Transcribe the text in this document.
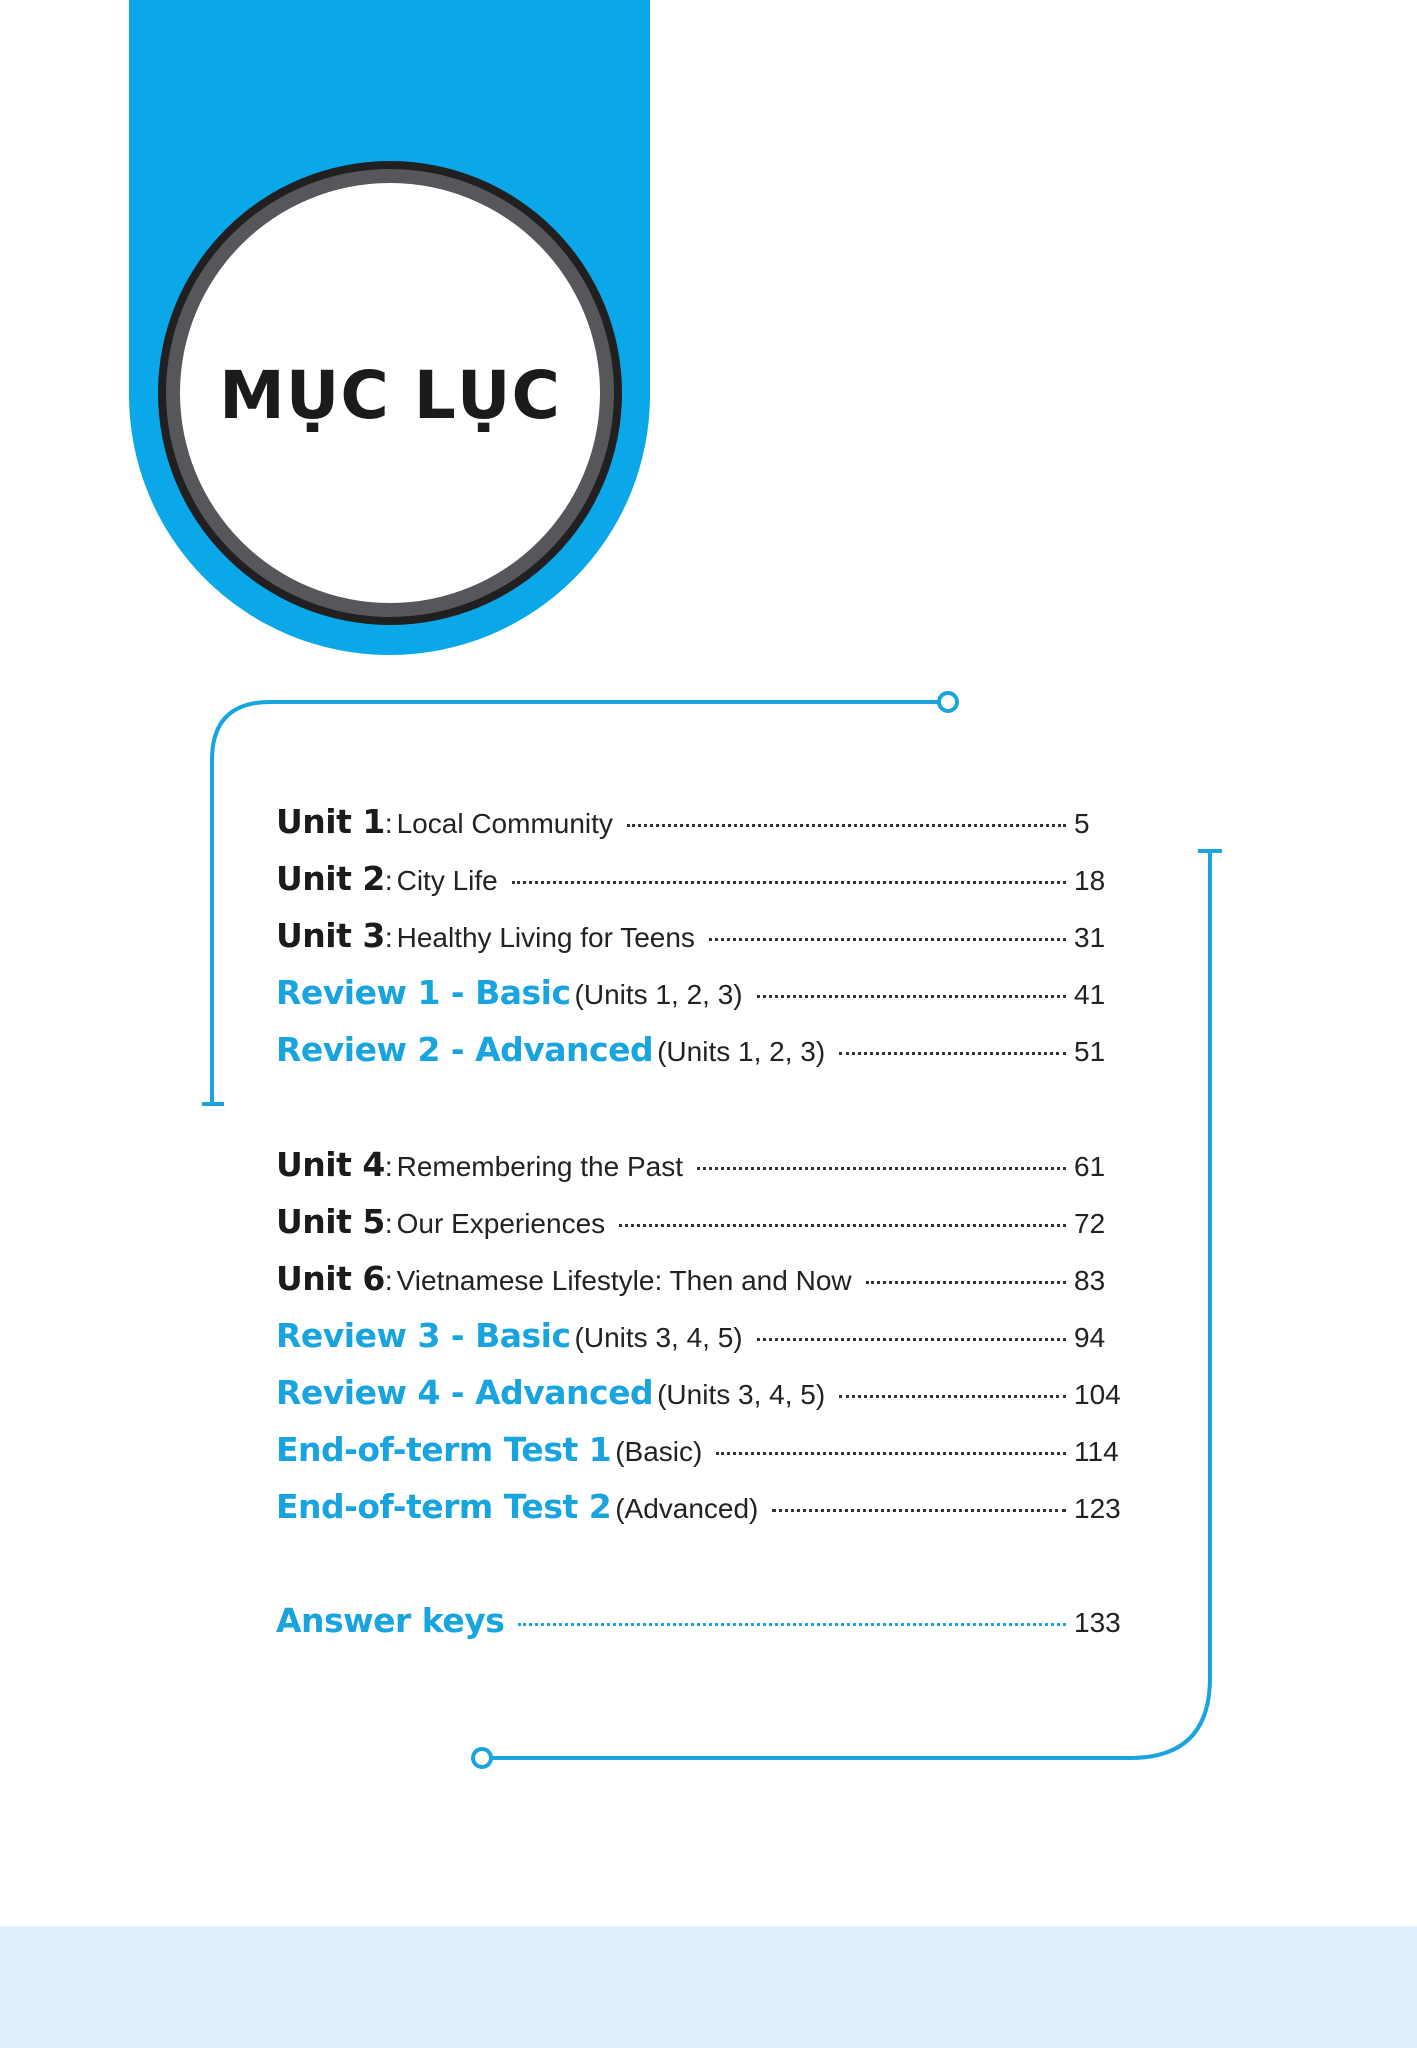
MỤC LỤC
Unit 1 : Local Community	5
Unit 2 : City Life	18
Unit 3 : Healthy Living for Teens	31
Review 1 - Basic (Units 1, 2, 3)	41
Review 2 - Advanced (Units 1, 2, 3)	51
Unit 4 : Remembering the Past	61
Unit 5 : Our Experiences	72
Unit 6 : Vietnamese Lifestyle: Then and Now	83
Review 3 - Basic (Units 3, 4, 5)	94
Review 4 - Advanced (Units 3, 4, 5)	104
End-of-term Test 1 (Basic)	114
End-of-term Test 2 (Advanced)	123
Answer keys	133
